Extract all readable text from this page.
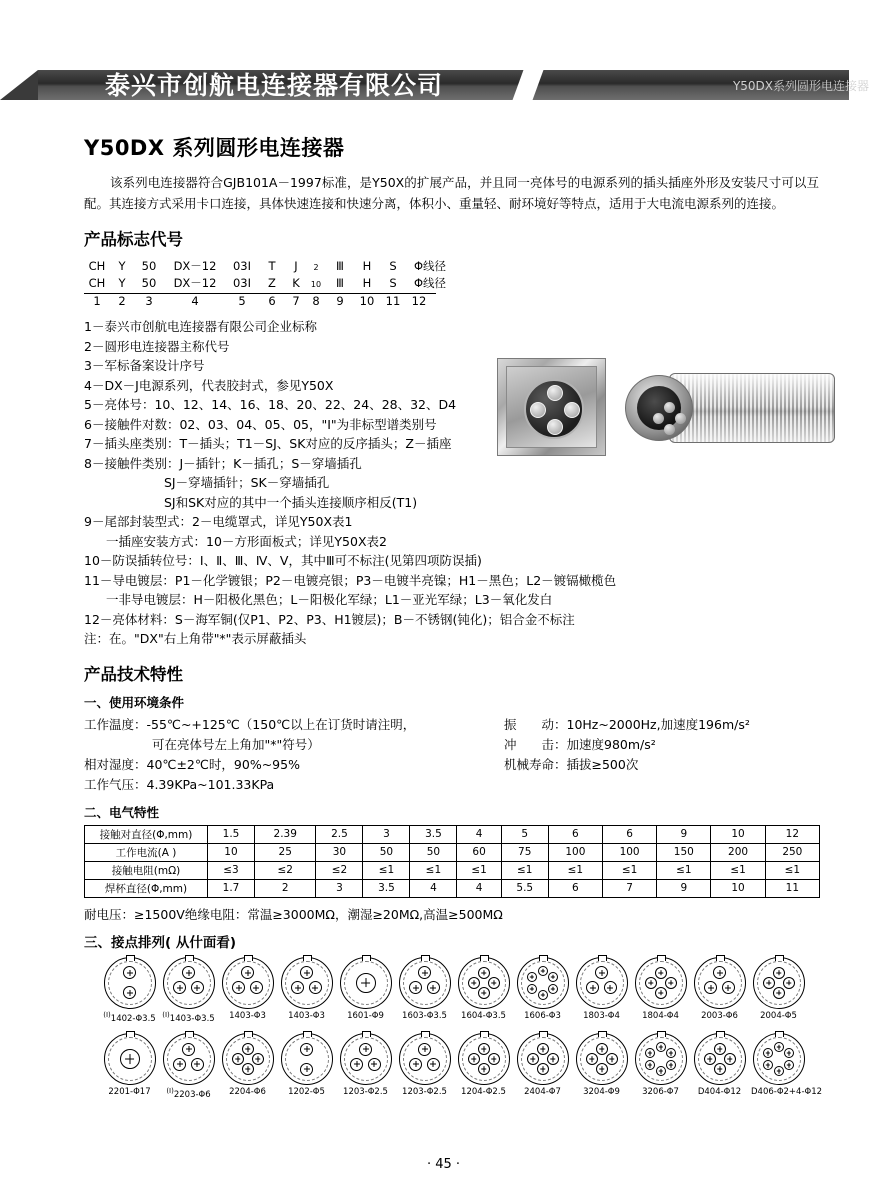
泰兴市创航电连接器有限公司	Y50DX系列圆形电连接器
Y50DX 系列圆形电连接器

该系列电连接器符合GJB101A－1997标准，是Y50X的扩展产品，并且同一亮体号的电源系列的插头插座外形及安装尺寸可以互配。其连接方式采用卡口连接，具体快速连接和快速分离，体积小、重量轻、耐环境好等特点，适用于大电流电源系列的连接。

产品标志代号
CH	Y	50	DX－12	03I	T	J	2	Ⅲ	H	S	Φ线径
CH	Y	50	DX－12	03I	Z	K	10	Ⅲ	H	S	Φ线径
1	2	3	4	5	6	7	8	9	10 11 12
1－泰兴市创航电连接器有限公司企业标称
2－圆形电连接器主称代号
3－军标备案设计序号
4－DX－J电源系列，代表胶封式，参见Y50X
5－亮体号：10、12、14、16、18、20、22、24、28、32、D4
6－接触件对数：02、03、04、05、05，"Ⅰ"为非标型谱类别号
7－插头座类别：T－插头；T1－SJ、SK对应的反序插头；Z－插座
8－接触件类别：J－插针；K－插孔；S－穿墙插孔
SJ－穿墙插针；SK－穿墙插孔
SJ和SK对应的其中一个插头连接顺序相反(T1)
9－尾部封装型式：2－电缆罩式，详见Y50X表1
一插座安装方式：10－方形面板式；详见Y50X表2
10－防误插转位号：Ⅰ、Ⅱ、Ⅲ、Ⅳ、Ⅴ，其中Ⅲ可不标注(见第四项防误插)
11－导电镀层：P1－化学镀银；P2－电镀亮银；P3－电镀半亮镍；H1－黑色；L2－镀镉橄榄色
一非导电镀层：H－阳极化黑色；L－阳极化军绿；L1－亚光军绿；L3－氧化发白
12－亮体材料：S－海军铜(仅P1、P2、P3、H1镀层)；B－不锈钢(钝化)；铝合金不标注
注：在。"DX"右上角带"*"表示屏蔽插头
产品技术特性
一、使用环境条件
工作温度：-55℃~+125℃（150℃以上在订货时请注明，
可在亮体号左上角加"*"符号）
相对湿度：40℃±2℃时，90%~95%
工作气压：4.39KPa~101.33KPa
振　　动：10Hz~2000Hz,加速度196m/s²
冲　　击：加速度980m/s²
机械寿命：插拔≥500次
二、电气特性
接触对直径(Φ,mm)	1.5	2.39	2.5	3	3.5	4	5	6	6	9	10	12
工作电流(A )	10	25	30	50	50	60	75	100	100	150	200	250
接触电阻(mΩ)	≤3	≤2	≤2	≤1	≤1	≤1	≤1	≤1	≤1	≤1	≤1	≤1
焊杯直径(Φ,mm)	1.7	2	3	3.5	4	4	5.5	6	7	9	10	11
耐电压：≥1500V绝缘电阻：常温≥3000MΩ，潮湿≥20MΩ,高温≥500MΩ
三、接点排列( 从什面看)
$^{(Ⅰ)}$1402-Φ3.5 $^{(Ⅰ)}$1403-Φ3.5	1403-Φ3	1403-Φ3	1601-Φ9	1603-Φ3.5	1604-Φ3.5	1606-Φ3	1803-Φ4	1804-Φ4	2003-Φ6	2004-Φ5
2201-Φ17	$^{(Ⅰ)}$2203-Φ6	2204-Φ6	1202-Φ5	1203-Φ2.5	1203-Φ2.5	1204-Φ2.5	2404-Φ7	3204-Φ9	3206-Φ7	D404-Φ12	D406-Φ2+4-Φ12
· 45 ·
